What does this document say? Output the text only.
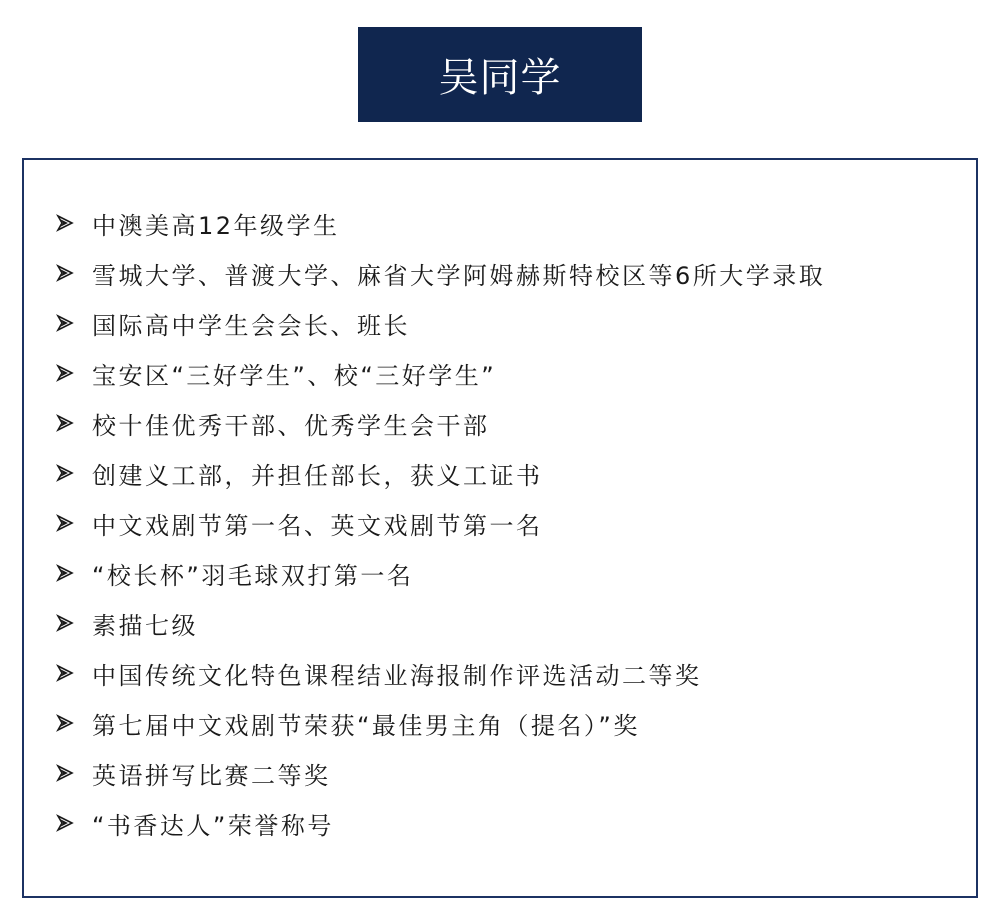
吴同学
中澳美高12年级学生
雪城大学、普渡大学、麻省大学阿姆赫斯特校区等6所大学录取
国际高中学生会会长、班长
宝安区“三好学生”、校“三好学生”
校十佳优秀干部、优秀学生会干部
创建义工部，并担任部长，获义工证书
中文戏剧节第一名、英文戏剧节第一名
“校长杯”羽毛球双打第一名
素描七级
中国传统文化特色课程结业海报制作评选活动二等奖
第七届中文戏剧节荣获“最佳男主角（提名）”奖
英语拼写比赛二等奖
“书香达人”荣誉称号
